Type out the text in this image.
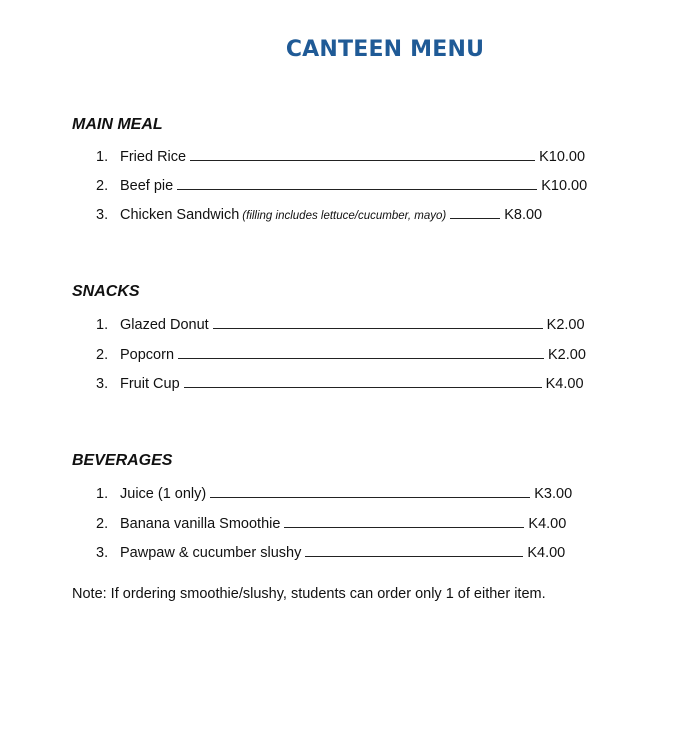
CANTEEN MENU
MAIN MEAL
1. Fried Rice	K10.00
2. Beef pie	K10.00
3. Chicken Sandwich (filling includes lettuce/cucumber, mayo)	K8.00
SNACKS
1. Glazed Donut	K2.00
2. Popcorn	K2.00
3. Fruit Cup	K4.00
BEVERAGES
1. Juice (1 only)	K3.00
2. Banana vanilla Smoothie	K4.00
3. Pawpaw & cucumber slushy	K4.00
Note: If ordering smoothie/slushy, students can order only 1 of either item.
